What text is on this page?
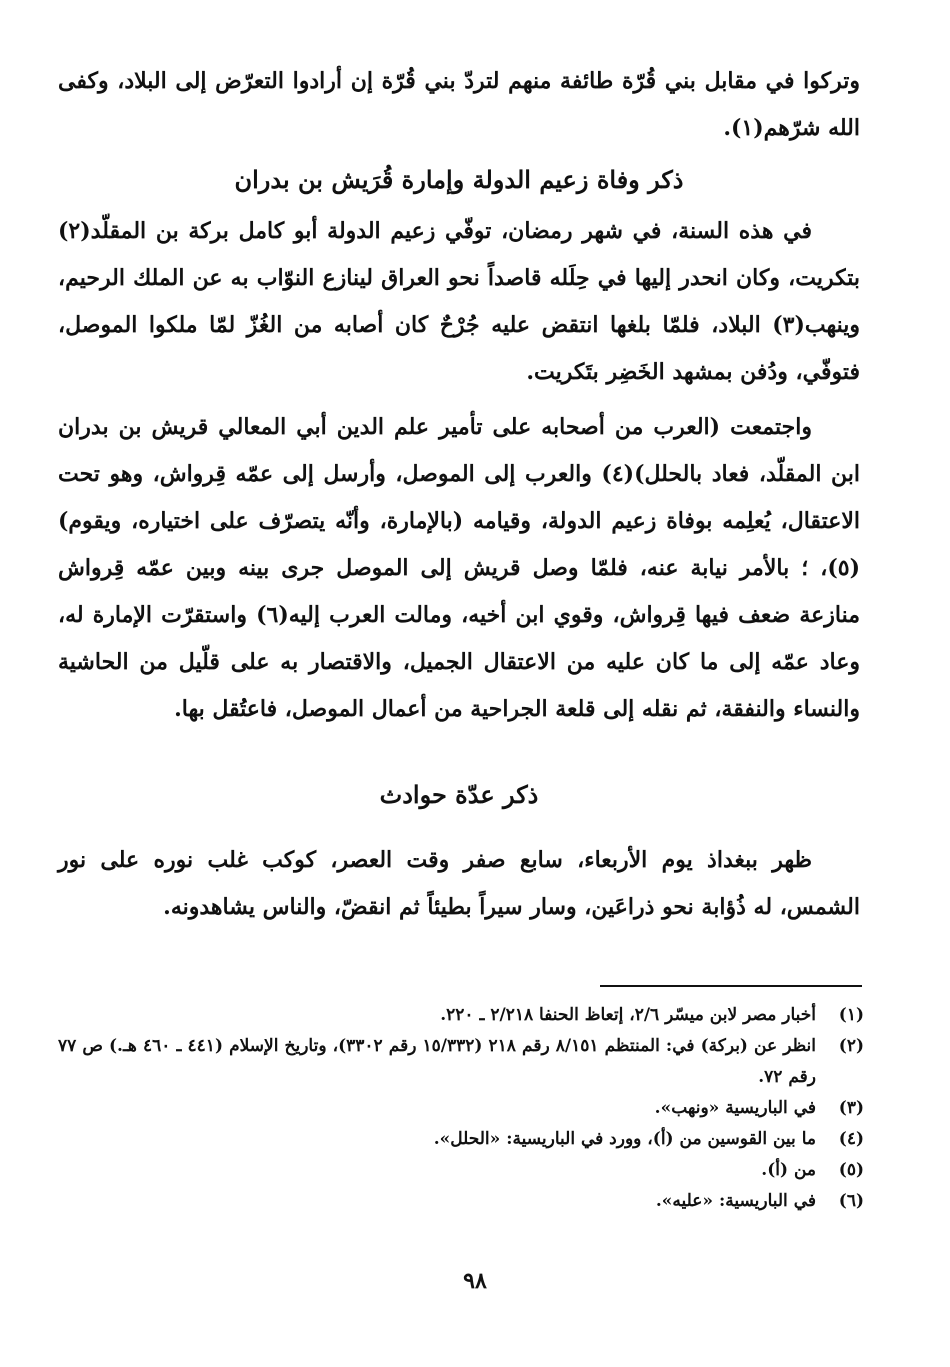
وتركوا في مقابل بني قُرّة طائفة منهم لتردّ بني قُرّة إن أرادوا التعرّض إلى البلاد، وكفى الله شرّهم(١).

ذكر وفاة زعيم الدولة وإمارة قُرَيش بن بدران

في هذه السنة، في شهر رمضان، توفّي زعيم الدولة أبو كامل بركة بن المقلّد(٢) بتكريت، وكان انحدر إليها في حِلَله قاصداً نحو العراق لينازع النوّاب به عن الملك الرحيم، وينهب(٣) البلاد، فلمّا بلغها انتقض عليه جُرْحٌ كان أصابه من الغُزّ لمّا ملكوا الموصل، فتوفّي، ودُفن بمشهد الخَضِر بتَكريت.

واجتمعت (العرب من أصحابه على تأمير علم الدين أبي المعالي قريش بن بدران ابن المقلّد، فعاد بالحلل)(٤) والعرب إلى الموصل، وأرسل إلى عمّه قِرواش، وهو تحت الاعتقال، يُعلِمه بوفاة زعيم الدولة، وقيامه (بالإمارة، وأنّه يتصرّف على اختياره، ويقوم)(٥)، ؛ بالأمر نيابة عنه، فلمّا وصل قريش إلى الموصل جرى بينه وبين عمّه قِرواش منازعة ضعف فيها قِرواش، وقوي ابن أخيه، ومالت العرب إليه(٦) واستقرّت الإمارة له، وعاد عمّه إلى ما كان عليه من الاعتقال الجميل، والاقتصار به على قلّيل من الحاشية والنساء والنفقة، ثم نقله إلى قلعة الجراحية من أعمال الموصل، فاعتُقل بها.

ذكر عدّة حوادث

ظهر ببغداذ يوم الأربعاء، سابع صفر وقت العصر، كوكب غلب نوره على نور الشمس، له ذُؤابة نحو ذراعَين، وسار سيراً بطيئاً ثم انقضّ، والناس يشاهدونه.

(١)
أخبار مصر لابن ميسّر ٢/٦، إتعاظ الحنفا ٢/٢١٨ ـ ٢٢٠.
(٢)
انظر عن (بركة) في: المنتظم ٨/١٥١ رقم ٢١٨ (١٥/٣٣٢ رقم ٣٣٠٢)، وتاريخ الإسلام (٤٤١ ـ ٤٦٠ هـ.) ص ٧٧ رقم ٧٢.
(٣)
في الباريسية «ونهب».
(٤)
ما بين القوسين من (أ)، وورد في الباريسية: «الحلل».
(٥)
من (أ).
(٦)
في الباريسية: «عليه».
٩٨
